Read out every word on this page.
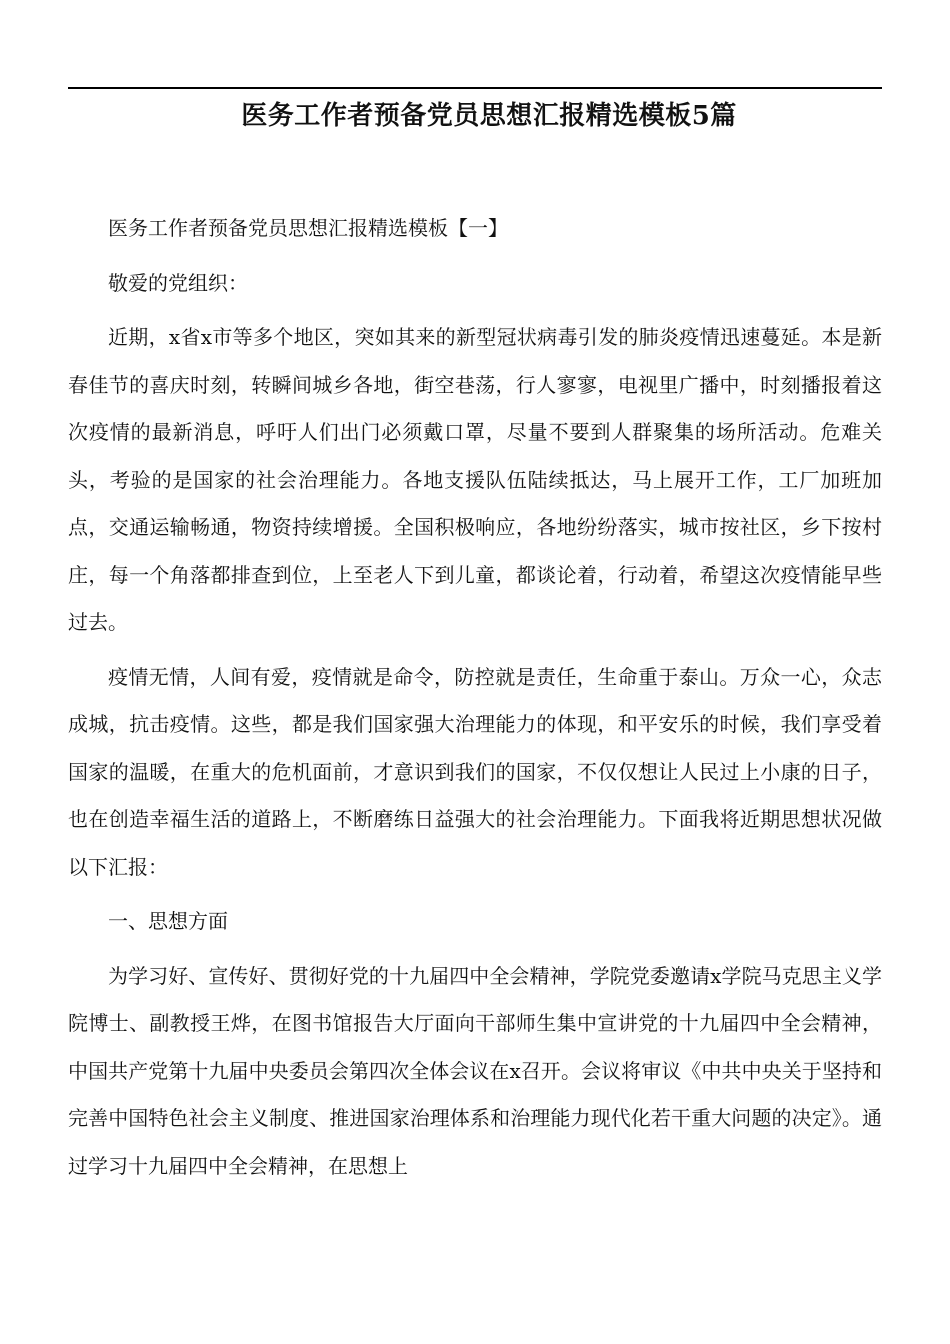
医务工作者预备党员思想汇报精选模板5篇

医务工作者预备党员思想汇报精选模板【一】

敬爱的党组织：

近期，x省x市等多个地区，突如其来的新型冠状病毒引发的肺炎疫情迅速蔓延。本是新春佳节的喜庆时刻，转瞬间城乡各地，街空巷荡，行人寥寥，电视里广播中，时刻播报着这次疫情的最新消息，呼吁人们出门必须戴口罩，尽量不要到人群聚集的场所活动。危难关头，考验的是国家的社会治理能力。各地支援队伍陆续抵达，马上展开工作，工厂加班加点，交通运输畅通，物资持续增援。全国积极响应，各地纷纷落实，城市按社区，乡下按村庄，每一个角落都排查到位，上至老人下到儿童，都谈论着，行动着，希望这次疫情能早些过去。

疫情无情，人间有爱，疫情就是命令，防控就是责任，生命重于泰山。万众一心，众志成城，抗击疫情。这些，都是我们国家强大治理能力的体现，和平安乐的时候，我们享受着国家的温暖，在重大的危机面前，才意识到我们的国家，不仅仅想让人民过上小康的日子，也在创造幸福生活的道路上，不断磨练日益强大的社会治理能力。下面我将近期思想状况做以下汇报：

一、思想方面

为学习好、宣传好、贯彻好党的十九届四中全会精神，学院党委邀请x学院马克思主义学院博士、副教授王烨，在图书馆报告大厅面向干部师生集中宣讲党的十九届四中全会精神，中国共产党第十九届中央委员会第四次全体会议在x召开。会议将审议《中共中央关于坚持和完善中国特色社会主义制度、推进国家治理体系和治理能力现代化若干重大问题的决定》。通过学习十九届四中全会精神，在思想上
